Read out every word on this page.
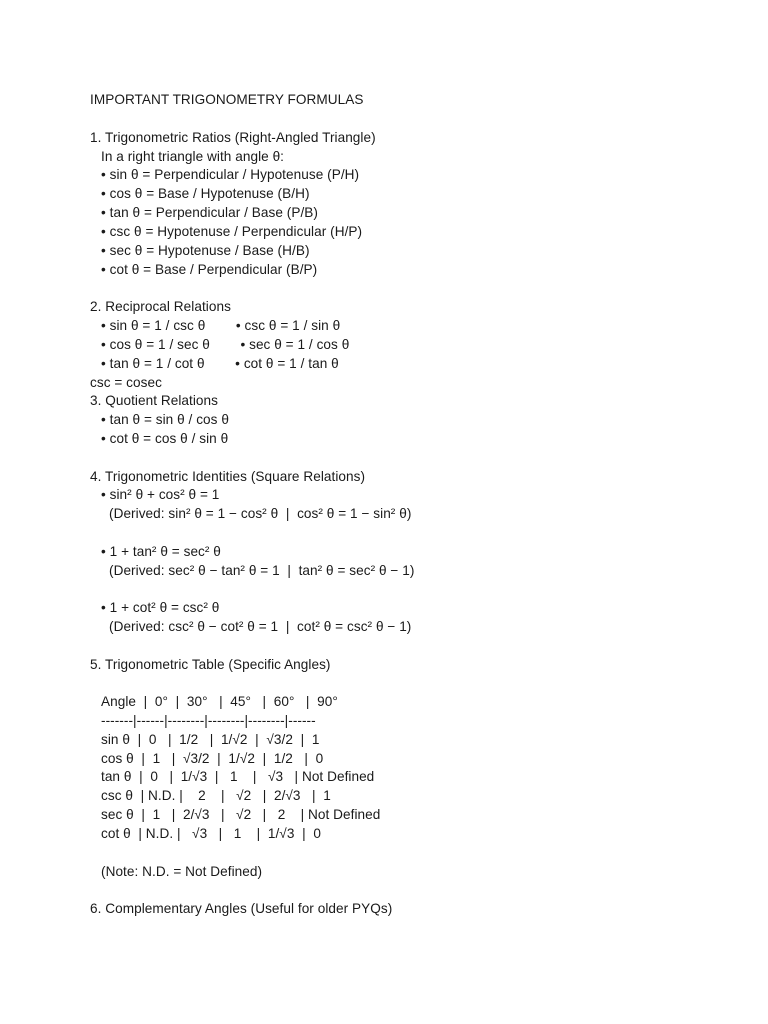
IMPORTANT TRIGONOMETRY FORMULAS
1. Trigonometric Ratios (Right-Angled Triangle)
In a right triangle with angle θ:
• sin θ = Perpendicular / Hypotenuse (P/H)
• cos θ = Base / Hypotenuse (B/H)
• tan θ = Perpendicular / Base (P/B)
• csc θ = Hypotenuse / Perpendicular (H/P)
• sec θ = Hypotenuse / Base (H/B)
• cot θ = Base / Perpendicular (B/P)
2. Reciprocal Relations
• sin θ = 1 / csc θ        • csc θ = 1 / sin θ
• cos θ = 1 / sec θ        • sec θ = 1 / cos θ
• tan θ = 1 / cot θ        • cot θ = 1 / tan θ
csc = cosec
3. Quotient Relations
• tan θ = sin θ / cos θ
• cot θ = cos θ / sin θ
4. Trigonometric Identities (Square Relations)
• sin² θ + cos² θ = 1
(Derived: sin² θ = 1 − cos² θ  |  cos² θ = 1 − sin² θ)
• 1 + tan² θ = sec² θ
(Derived: sec² θ − tan² θ = 1  |  tan² θ = sec² θ − 1)
• 1 + cot² θ = csc² θ
(Derived: csc² θ − cot² θ = 1  |  cot² θ = csc² θ − 1)
5. Trigonometric Table (Specific Angles)
Angle  |  0°  |  30°   |  45°   |  60°   |  90°
-------|------|--------|--------|--------|------
sin θ  |  0   |  1/2   |  1/√2  |  √3/2  |  1
cos θ  |  1   |  √3/2  |  1/√2  |  1/2   |  0
tan θ  |  0   |  1/√3  |   1    |   √3   | Not Defined
csc θ  | N.D. |    2    |   √2   |  2/√3   |  1
sec θ  |  1   |  2/√3   |   √2   |   2    | Not Defined
cot θ  | N.D. |   √3   |   1    |  1/√3  |  0
(Note: N.D. = Not Defined)
6. Complementary Angles (Useful for older PYQs)
